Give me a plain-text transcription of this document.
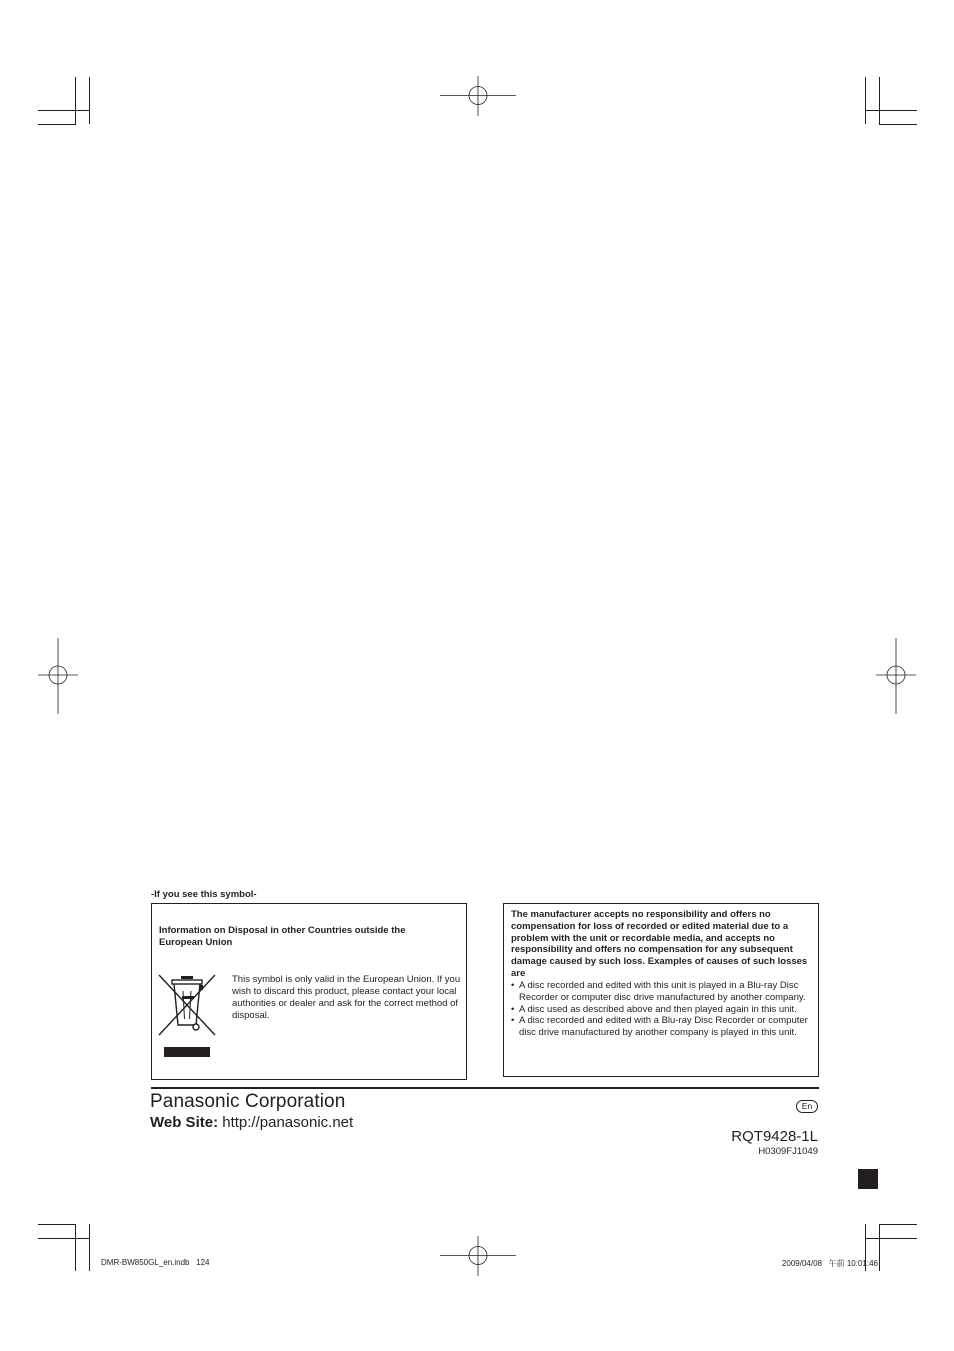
-If you see this symbol-
Information on Disposal in other Countries outside the European Union
This symbol is only valid in the European Union. If you wish to discard this product, please contact your local authorities or dealer and ask for the correct method of disposal.
The manufacturer accepts no responsibility and offers no compensation for loss of recorded or edited material due to a problem with the unit or recordable media, and accepts no responsibility and offers no compensation for any subsequent damage caused by such loss. Examples of causes of such losses are
• A disc recorded and edited with this unit is played in a Blu-ray Disc Recorder or computer disc drive manufactured by another company.
• A disc used as described above and then played again in this unit.
• A disc recorded and edited with a Blu-ray Disc Recorder or computer disc drive manufactured by another company is played in this unit.
Panasonic Corporation
Web Site: http://panasonic.net
En
RQT9428-1L
H0309FJ1049
DMR-BW850GL_en.indb   124	2009/04/08   午前 10:01:46
